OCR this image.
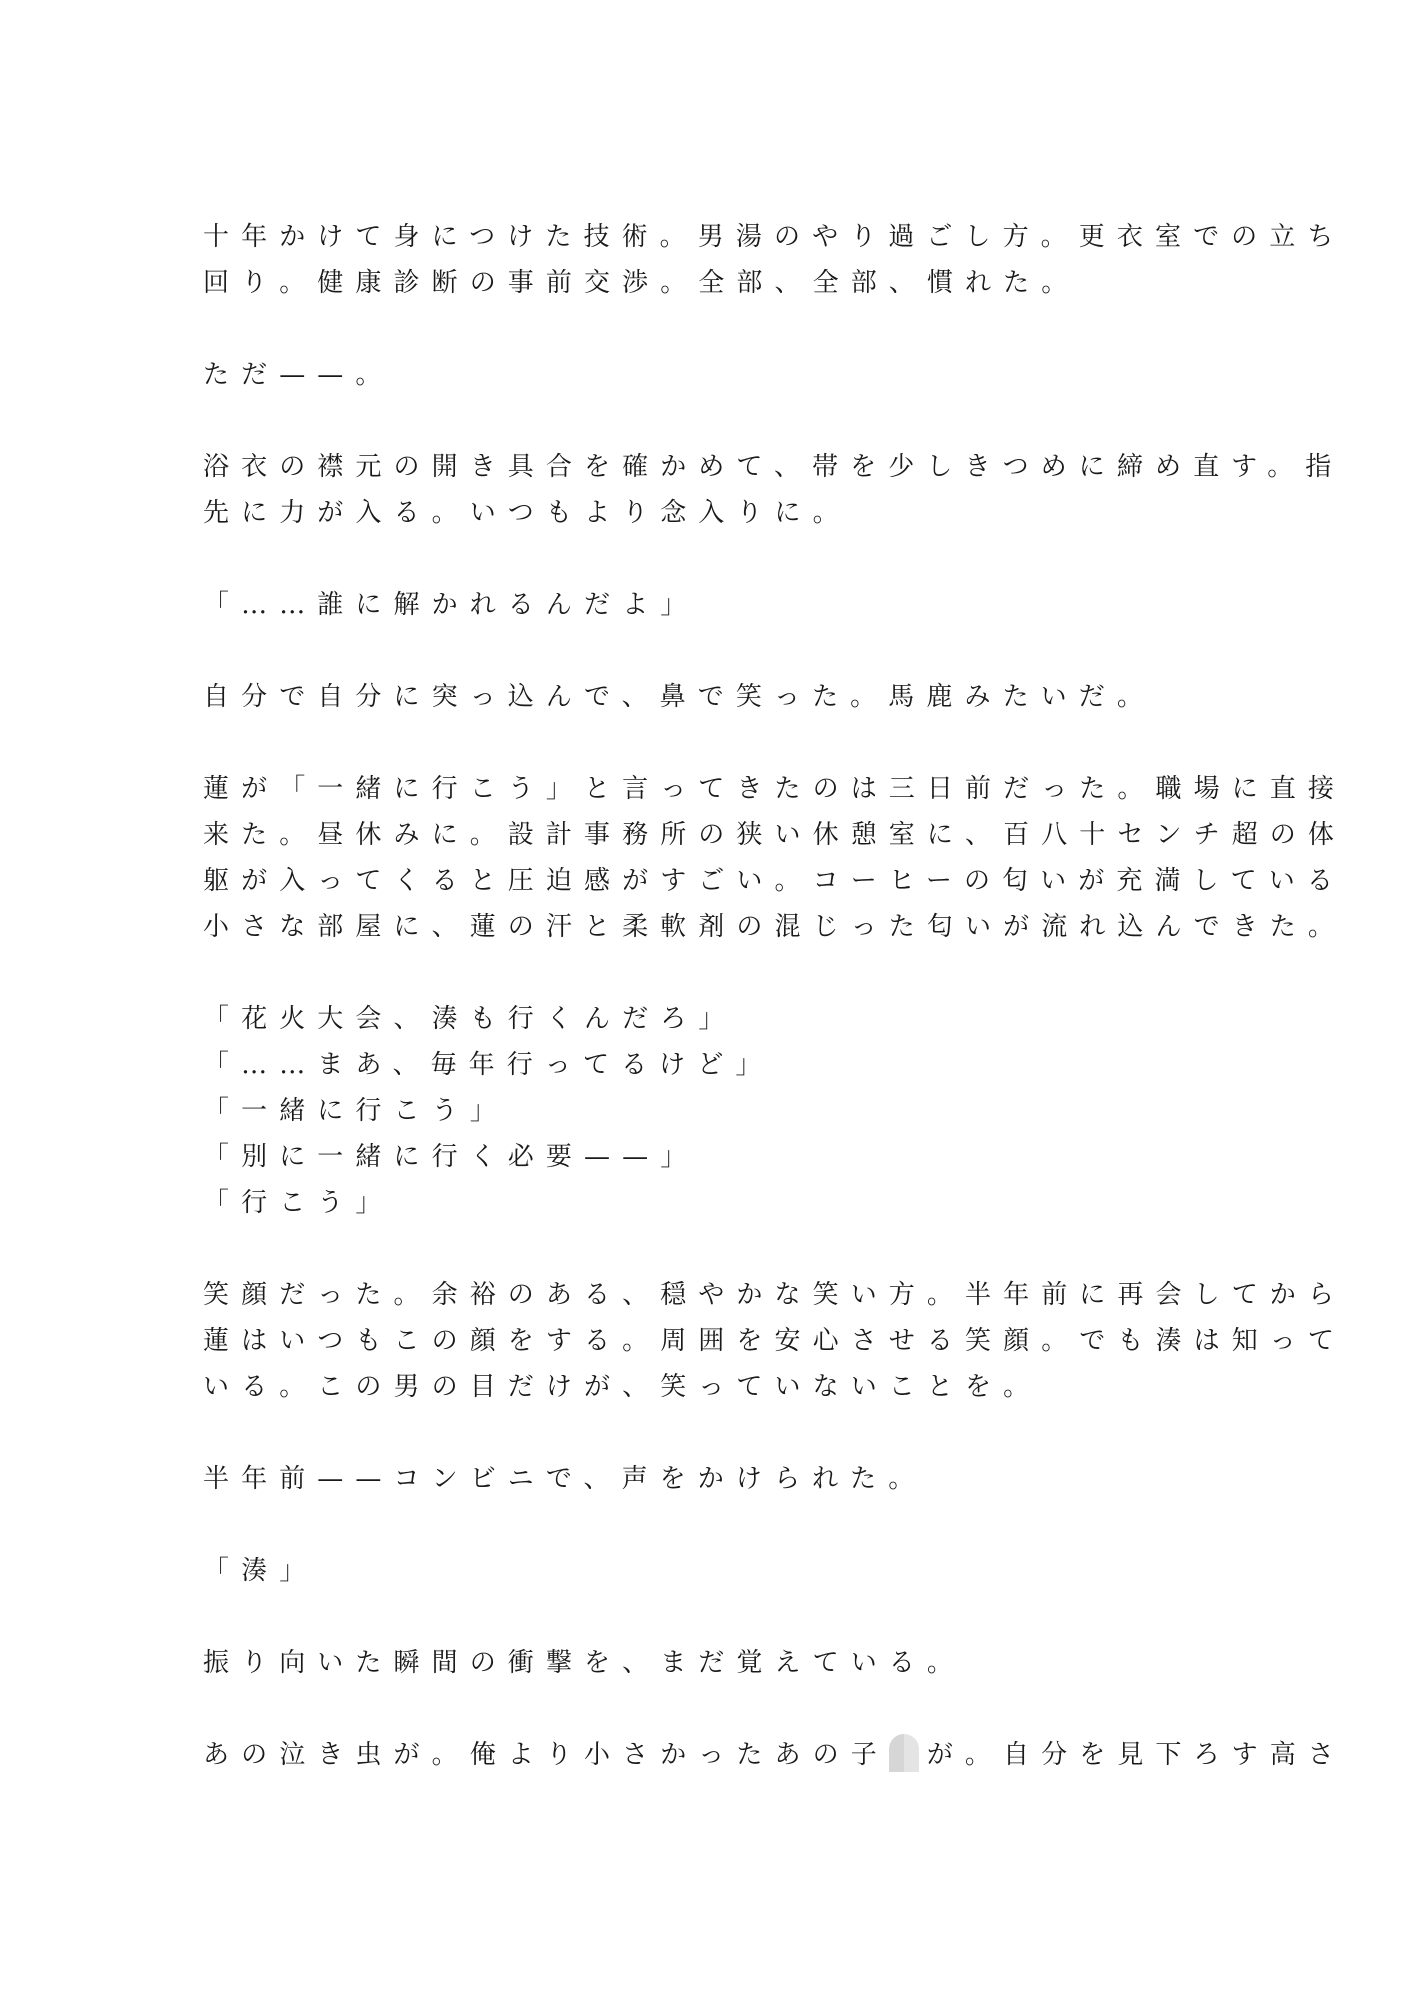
十年かけて身につけた技術。男湯のやり過ごし方。更衣室での立ち
回り。健康診断の事前交渉。全部、全部、慣れた。
ただ——。
浴衣の襟元の開き具合を確かめて、帯を少しきつめに締め直す。指
先に力が入る。いつもより念入りに。
「……誰に解かれるんだよ」
自分で自分に突っ込んで、鼻で笑った。馬鹿みたいだ。
蓮が「一緒に行こう」と言ってきたのは三日前だった。職場に直接
来た。昼休みに。設計事務所の狭い休憩室に、百八十センチ超の体
躯が入ってくると圧迫感がすごい。コーヒーの匂いが充満している
小さな部屋に、蓮の汗と柔軟剤の混じった匂いが流れ込んできた。
「花火大会、湊も行くんだろ」
「……まあ、毎年行ってるけど」
「一緒に行こう」
「別に一緒に行く必要——」
「行こう」
笑顔だった。余裕のある、穏やかな笑い方。半年前に再会してから
蓮はいつもこの顔をする。周囲を安心させる笑顔。でも湊は知って
いる。この男の目だけが、笑っていないことを。
半年前——コンビニで、声をかけられた。
「湊」
振り向いた瞬間の衝撃を、まだ覚えている。
あの泣き虫が。俺より小さかったあの子 が。自分を見下ろす高さ
